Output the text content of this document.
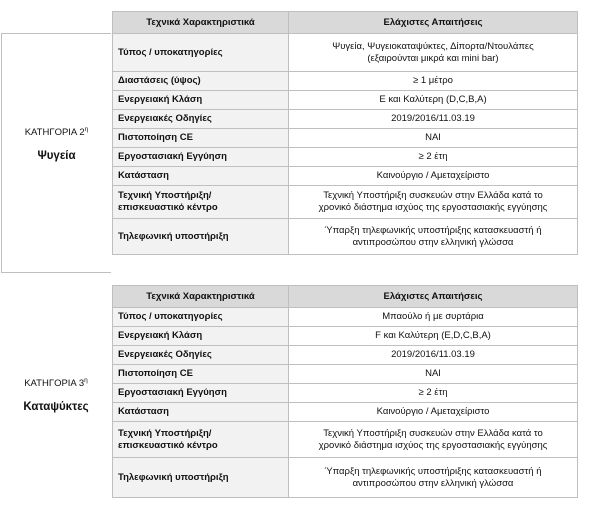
ΚΑΤΗΓΟΡΙΑ $2^\eta$
Ψυγεία
Τεχνικά Χαρακτηριστικά	Ελάχιστες Απαιτήσεις
Τύπος / υποκατηγορίες	Ψυγεία, Ψυγειοκαταψύκτες, Δίπορτα/Ντουλάπες
(εξαιρούνται μικρά και mini bar)
Διαστάσεις (ύψος)	≥ 1 μέτρο
Ενεργειακή Κλάση	Ε και Καλύτερη (D,C,B,A)
Ενεργειακές Οδηγίες	2019/2016/11.03.19
Πιστοποίηση CE	ΝΑΙ
Εργοστασιακή Εγγύηση	≥ 2 έτη
Κατάσταση	Καινούργιο / Αμεταχείριστο
Τεχνική Υποστήριξη/
επισκευαστικό κέντρο	Τεχνική Υποστήριξη συσκευών στην Ελλάδα κατά το
χρονικό διάστημα ισχύος της εργοστασιακής εγγύησης
Τηλεφωνική υποστήριξη	Ύπαρξη τηλεφωνικής υποστήριξης κατασκευαστή ή
αντιπροσώπου στην ελληνική γλώσσα
ΚΑΤΗΓΟΡΙΑ $3^\eta$
Καταψύκτες
Τεχνικά Χαρακτηριστικά	Ελάχιστες Απαιτήσεις
Τύπος / υποκατηγορίες	Μπαούλο ή με συρτάρια
Ενεργειακή Κλάση	F και Καλύτερη (E,D,C,B,A)
Ενεργειακές Οδηγίες	2019/2016/11.03.19
Πιστοποίηση CE	ΝΑΙ
Εργοστασιακή Εγγύηση	≥ 2 έτη
Κατάσταση	Καινούργιο / Αμεταχείριστο
Τεχνική Υποστήριξη/
επισκευαστικό κέντρο	Τεχνική Υποστήριξη συσκευών στην Ελλάδα κατά το
χρονικό διάστημα ισχύος της εργοστασιακής εγγύησης
Τηλεφωνική υποστήριξη	Ύπαρξη τηλεφωνικής υποστήριξης κατασκευαστή ή
αντιπροσώπου στην ελληνική γλώσσα
